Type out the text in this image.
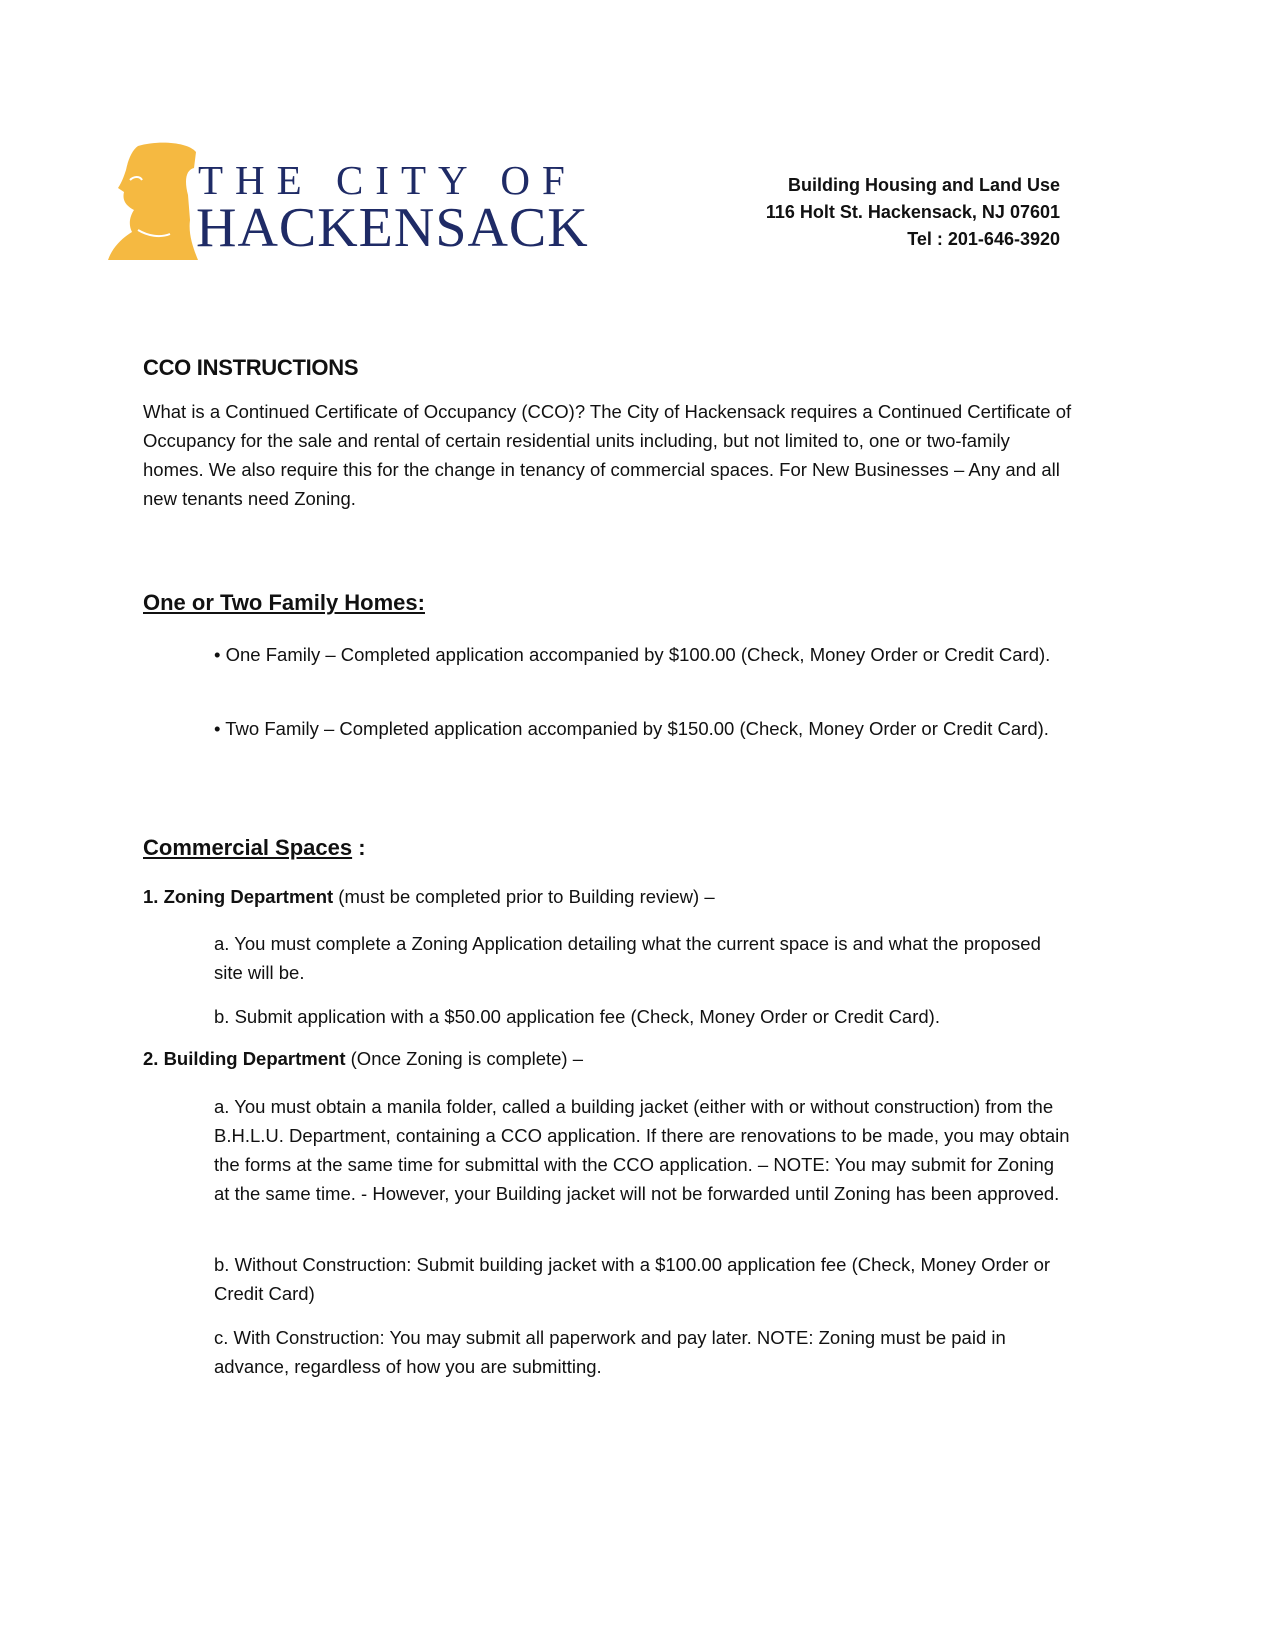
THE CITY OF
HACKENSACK
Building Housing and Land Use
116 Holt St. Hackensack, NJ 07601
Tel : 201-646-3920
CCO INSTRUCTIONS

What is a Continued Certificate of Occupancy (CCO)? The City of Hackensack requires a Continued Certificate of Occupancy for the sale and rental of certain residential units including, but not limited to, one or two-family homes. We also require this for the change in tenancy of commercial spaces. For New Businesses – Any and all new tenants need Zoning.

One or Two Family Homes:
• One Family – Completed application accompanied by $100.00 (Check, Money Order or Credit Card).
• Two Family – Completed application accompanied by $150.00 (Check, Money Order or Credit Card).
Commercial Spaces :
1. Zoning Department (must be completed prior to Building review) –
a. You must complete a Zoning Application detailing what the current space is and what the proposed site will be.
b. Submit application with a $50.00 application fee (Check, Money Order or Credit Card).
2. Building Department (Once Zoning is complete) –
a. You must obtain a manila folder, called a building jacket (either with or without construction) from the B.H.L.U. Department, containing a CCO application. If there are renovations to be made, you may obtain the forms at the same time for submittal with the CCO application. – NOTE: You may submit for Zoning at the same time. - However, your Building jacket will not be forwarded until Zoning has been approved.
b. Without Construction: Submit building jacket with a $100.00 application fee (Check, Money Order or Credit Card)
c. With Construction: You may submit all paperwork and pay later. NOTE: Zoning must be paid in advance, regardless of how you are submitting.
